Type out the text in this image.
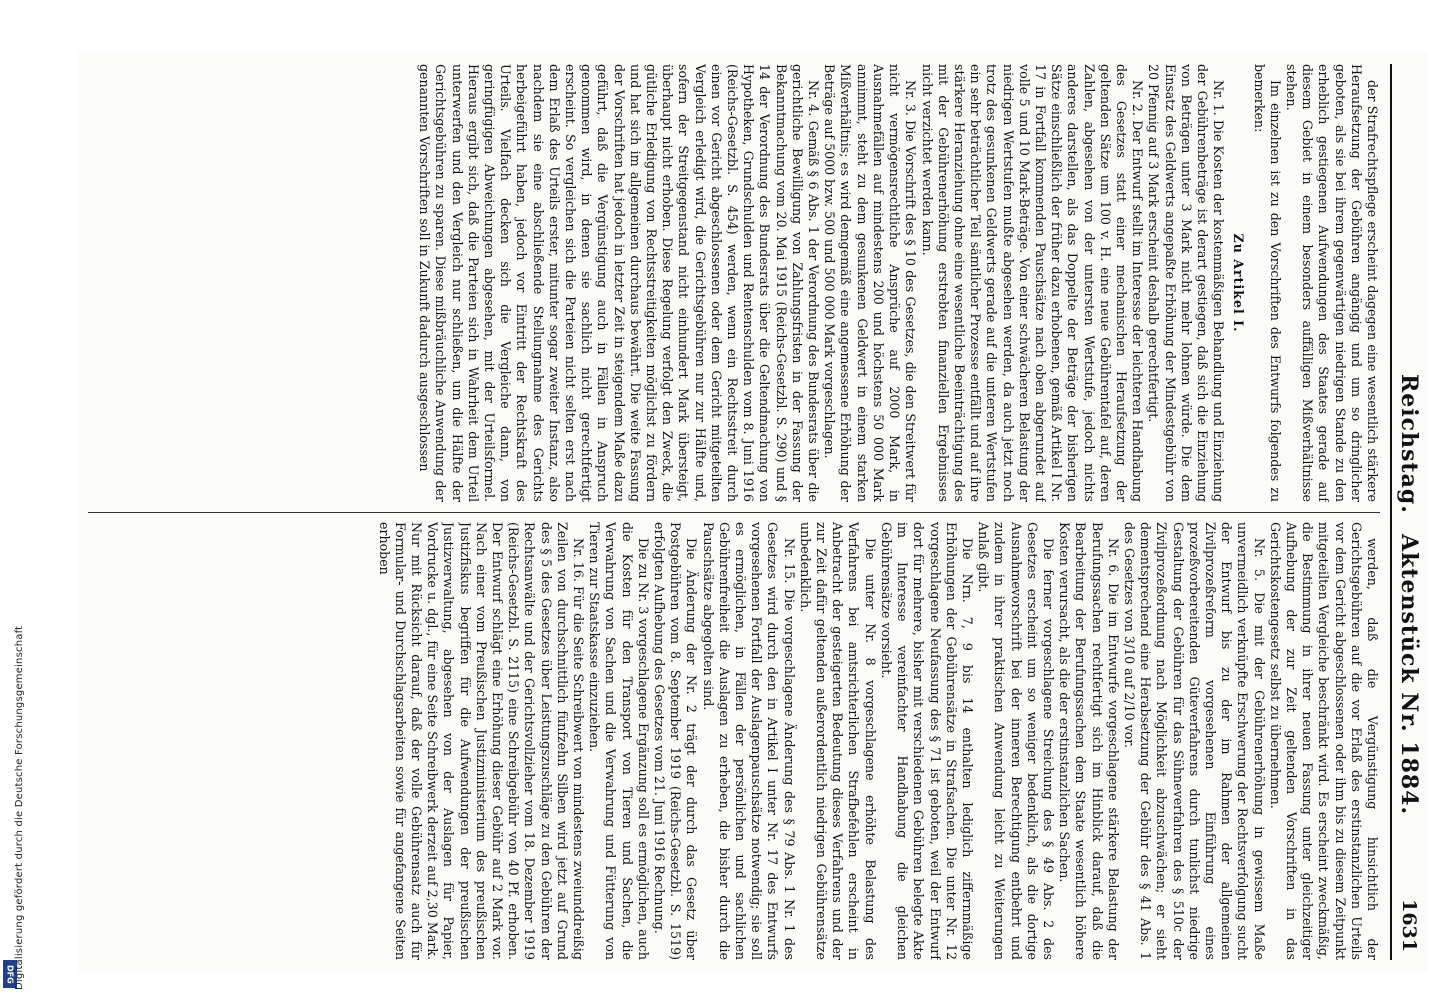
DFG Digitalisierung gefördert durch die Deutsche Forschungsgemeinschaft
Reichstag.
Aktenstück Nr. 1884.
1631

der Strafrechtspflege erscheint dagegen eine wesentlich stärkere Heraufsetzung der Gebühren angängig und um so dringlicher geboten, als sie bei ihrem gegenwärtigen niedrigen Stande zu den erheblich gestiegenen Aufwendungen des Staates gerade auf diesem Gebiet in einem besonders auffälligen Mißverhältnisse stehen.

Im einzelnen ist zu den Vorschriften des Entwurfs folgendes zu bemerken:

Zu Artikel I.

Nr. 1. Die Kosten der kostenmäßigen Behandlung und Einziehung der Gebührenbeträge ist derart gestiegen, daß sich die Einziehung von Beträgen unter 3 Mark nicht mehr lohnen würde. Die dem Einsatz des Geldwerts angepaßte Erhöhung der Mindestgebühr von 20 Pfennig auf 3 Mark erscheint deshalb gerechtfertigt.

Nr. 2. Der Entwurf stellt im Interesse der leichteren Handhabung des Gesetzes statt einer mechanischen Heraufsetzung der geltenden Sätze um 100 v. H. eine neue Gebührentafel auf, deren Zahlen, abgesehen von der untersten Wertstufe, jedoch nichts anderes darstellen, als das Doppelte der Beträge der bisherigen Sätze einschließlich der früher dazu erhobenen, gemäß Artikel I Nr. 17 in Fortfall kommenden Pauschsätze nach oben abgerundet auf volle 5 und 10 Mark-Beträge. Von einer schwächeren Belastung der niedrigen Wertstufen mußte abgesehen werden, da auch jetzt noch trotz des gesunkenen Geldwerts gerade auf die unteren Wertstufen ein sehr beträchtlicher Teil sämtlicher Prozesse entfällt und auf ihre stärkere Heranziehung ohne eine wesentliche Beeinträchtigung des mit der Gebührenerhöhung erstrebten finanziellen Ergebnisses nicht verzichtet werden kann.

Nr. 3. Die Vorschrift des § 10 des Gesetzes, die den Streitwert für nicht vermögensrechtliche Ansprüche auf 2000 Mark, in Ausnahmefällen auf mindestens 200 und höchstens 50 000 Mark annimmt, steht zu dem gesunkenen Geldwert in einem starken Mißverhältnis; es wird demgemäß eine angemessene Erhöhung der Beträge auf 5000 bzw. 500 und 500 000 Mark vorgeschlagen.

Nr. 4. Gemäß § 6 Abs. 1 der Verordnung des Bundesrats über die gerichtliche Bewilligung von Zahlungsfristen in der Fassung der Bekanntmachung vom 20. Mai 1915 (Reichs-Gesetzbl. S. 290) und § 14 der Verordnung des Bundesrats über die Geltendmachung von Hypotheken, Grundschulden und Rentenschulden vom 8. Juni 1916 (Reichs-Gesetzbl. S. 454) werden, wenn ein Rechtsstreit durch einen vor Gericht abgeschlossenen oder dem Gericht mitgeteilten Vergleich erledigt wird, die Gerichtsgebühren nur zur Hälfte und, sofern der Streitgegenstand nicht einhundert Mark übersteigt, überhaupt nicht erhoben. Diese Regelung verfolgt den Zweck, die gütliche Erledigung von Rechtsstreitigkeiten möglichst zu fördern und hat sich im allgemeinen durchaus bewährt. Die weite Fassung der Vorschriften hat jedoch in letzter Zeit in steigendem Maße dazu geführt, daß die Vergünstigung auch in Fällen in Anspruch genommen wird, in denen sie sachlich nicht gerechtfertigt erscheint. So vergleichen sich die Parteien nicht selten erst nach dem Erlaß des Urteils erster, mitunter sogar zweiter Instanz, also nachdem sie eine abschließende Stellungnahme des Gerichts herbeigeführt haben, jedoch vor Eintritt der Rechtskraft des Urteils. Vielfach decken sich die Vergleiche dann, von geringfügigen Abweichungen abgesehen, mit der Urteilsformel. Hieraus ergibt sich, daß die Parteien sich in Wahrheit dem Urteil unterwerfen und den Vergleich nur schließen, um die Hälfte der Gerichtsgebühren zu sparen. Diese mißbräuchliche Anwendung der genannten Vorschriften soll in Zukunft dadurch ausgeschlossen

werden, daß die Vergünstigung hinsichtlich der Gerichtsgebühren auf die vor Erlaß des erstinstanzlichen Urteils vor dem Gericht abgeschlossenen oder ihm bis zu diesem Zeitpunkt mitgeteilten Vergleiche beschränkt wird. Es erscheint zweckmäßig, die Bestimmung in ihrer neuen Fassung unter gleichzeitiger Aufhebung der zur Zeit geltenden Vorschriften in das Gerichtskostengesetz selbst zu übernehmen.

Nr. 5. Die mit der Gebührenerhöhung in gewissem Maße unvermeidlich verknüpfte Erschwerung der Rechtsverfolgung sucht der Entwurf bis zu der im Rahmen der allgemeinen Zivilprozeßreform vorgesehenen Einführung eines prozeßvorbereitenden Güteverfahrens durch tunlichst niedrige Gestaltung der Gebühren für das Sühneverfahren des § 510c der Zivilprozeßordnung nach Möglichkeit abzuschwächen; er sieht dementsprechend eine Herabsetzung der Gebühr des § 41 Abs. 1 des Gesetzes von 3/10 auf 2/10 vor.

Nr. 6. Die im Entwurfe vorgeschlagene stärkere Belastung der Berufungssachen rechtfertigt sich im Hinblick darauf, daß die Bearbeitung der Berufungssachen dem Staate wesentlich höhere Kosten verursacht, als die der erstinstanzlichen Sachen.

Die ferner vorgeschlagene Streichung des § 49 Abs. 2 des Gesetzes erscheint um so weniger bedenklich, als die dortige Ausnahmevorschrift bei der inneren Berechtigung entbehrt und zudem in ihrer praktischen Anwendung leicht zu Weiterungen Anlaß gibt.

Die Nrn. 7, 9 bis 14 enthalten lediglich ziffernmäßige Erhöhungen der Gebührensätze in Strafsachen. Die unter Nr. 12 vorgeschlagene Neufassung des § 71 ist geboten, weil der Entwurf dort für mehrere, bisher mit verschiedenen Gebühren belegte Akte im Interesse vereinfachter Handhabung die gleichen Gebührensätze vorsieht.

Die unter Nr. 8 vorgeschlagene erhöhte Belastung des Verfahrens bei amtsrichterlichen Strafbefehlen erscheint in Anbetracht der gesteigerten Bedeutung dieses Verfahrens und der zur Zeit dafür geltenden außerordentlich niedrigen Gebührensätze unbedenklich.

Nr. 15. Die vorgeschlagene Änderung des § 79 Abs. 1 Nr. 1 des Gesetzes wird durch den in Artikel I unter Nr. 17 des Entwurfs vorgesehenen Fortfall der Auslagenpauschsätze notwendig; sie soll es ermöglichen, in Fällen der persönlichen und sachlichen Gebührenfreiheit die Auslagen zu erheben, die bisher durch die Pauschsätze abgegolten sind.

Die Änderung der Nr. 2 trägt der durch das Gesetz über Postgebühren vom 8. September 1919 (Reichs-Gesetzbl. S. 1519) erfolgten Aufhebung des Gesetzes vom 21. Juni 1916 Rechnung.

Die zu Nr. 3 vorgeschlagene Ergänzung soll es ermöglichen, auch die Kosten für den Transport von Tieren und Sachen, die Verwahrung von Sachen und die Verwahrung und Fütterung von Tieren zur Staatskasse einzuziehen.

Nr. 16. Für die Seite Schreibwert von mindestens zweiunddreißig Zeilen von durchschnittlich fünfzehn Silben wird jetzt auf Grund des § 5 des Gesetzes über Leistungszuschläge zu den Gebühren der Rechtsanwälte und der Gerichtsvollzieher vom 18. Dezember 1919 (Reichs-Gesetzbl. S. 2115) eine Schreibgebühr von 40 Pf. erhoben. Der Entwurf schlägt eine Erhöhung dieser Gebühr auf 2 Mark vor. Nach einer vom Preußischen Justizministerium des preußischen Justizfiskus begriffen für die Aufwendungen der preußischen Justizverwaltung, abgesehen von der Auslagen für Papier, Vordrucke u. dgl., für eine Seite Schreibwerk derzeit auf 2,30 Mark. Nur mit Rücksicht darauf, daß der volle Gebührensatz auch für Formular- und Durchschlagsarbeiten sowie für angefangene Seiten erhoben
